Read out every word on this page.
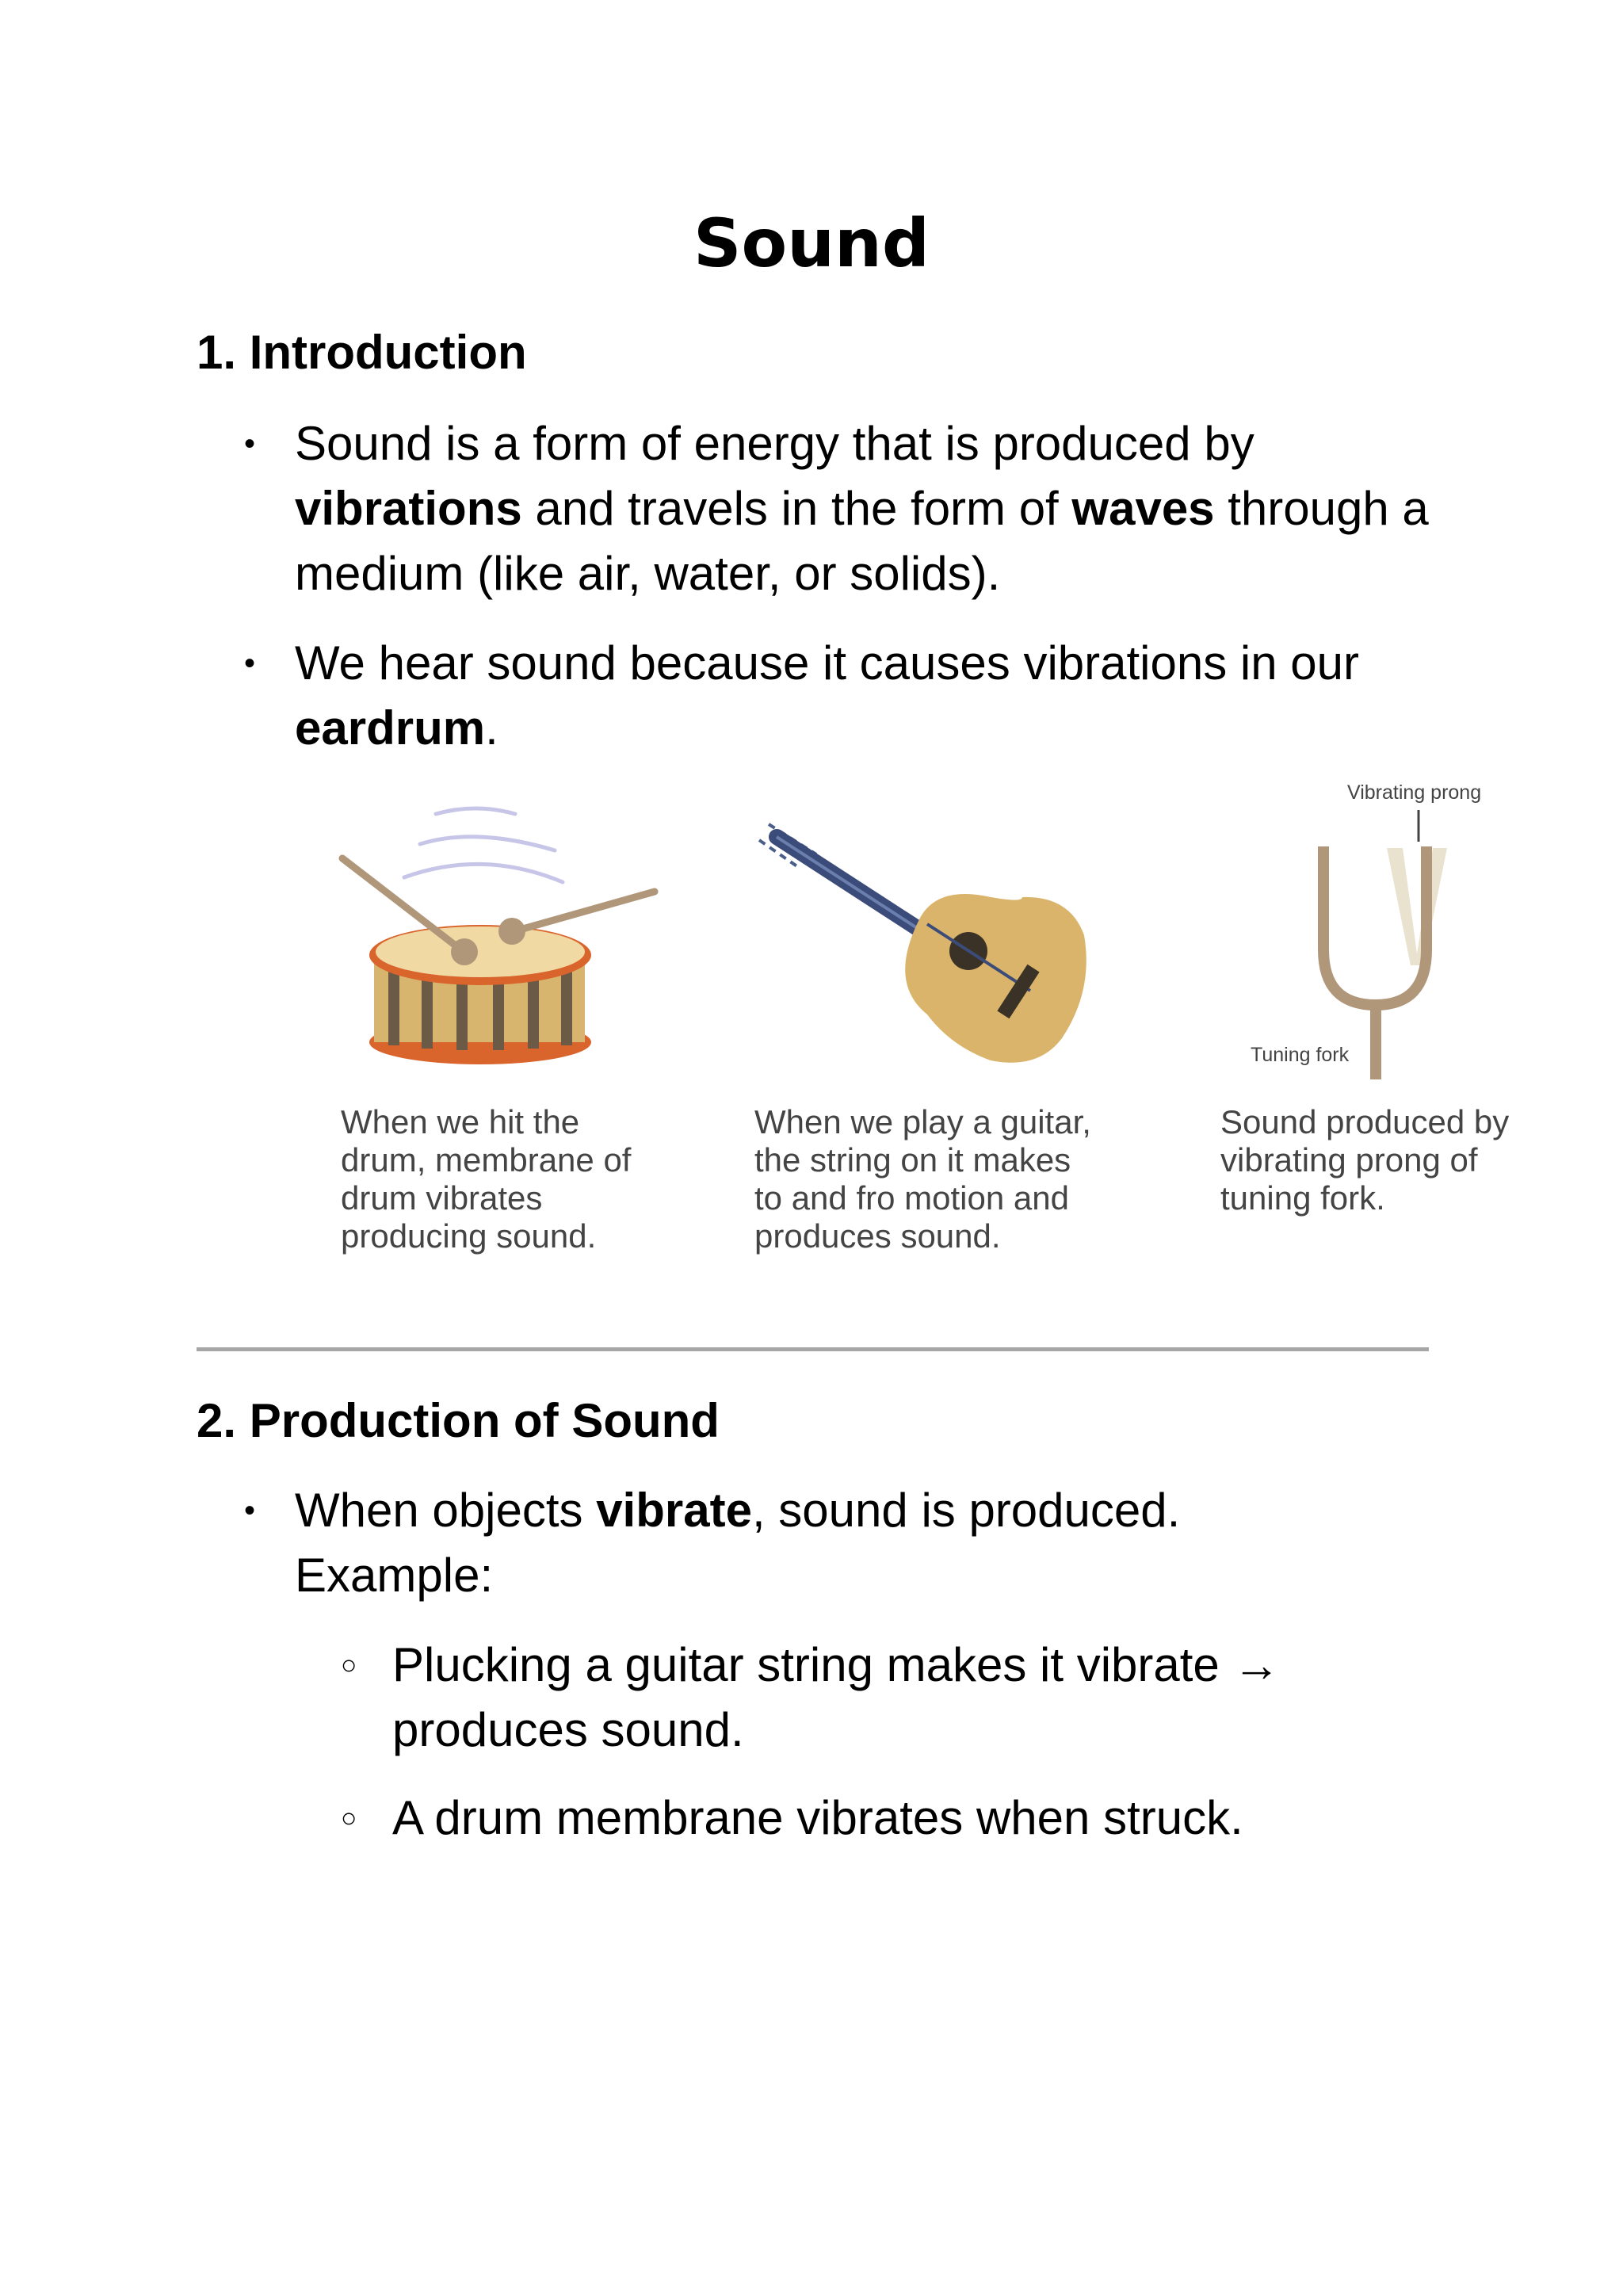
Sound
1. Introduction
• Sound is a form of energy that is produced by vibrations and travels in the form of waves through a medium (like air, water, or solids).
• We hear sound because it causes vibrations in our eardrum.
When we hit the
drum, membrane of
drum vibrates
producing sound.
When we play a guitar,
the string on it makes
to and fro motion and
produces sound.
Vibrating prong
Tuning fork
Sound produced by
vibrating prong of
tuning fork.
2. Production of Sound
• When objects vibrate, sound is produced. Example:
○ Plucking a guitar string makes it vibrate → produces sound.
○ A drum membrane vibrates when struck.
